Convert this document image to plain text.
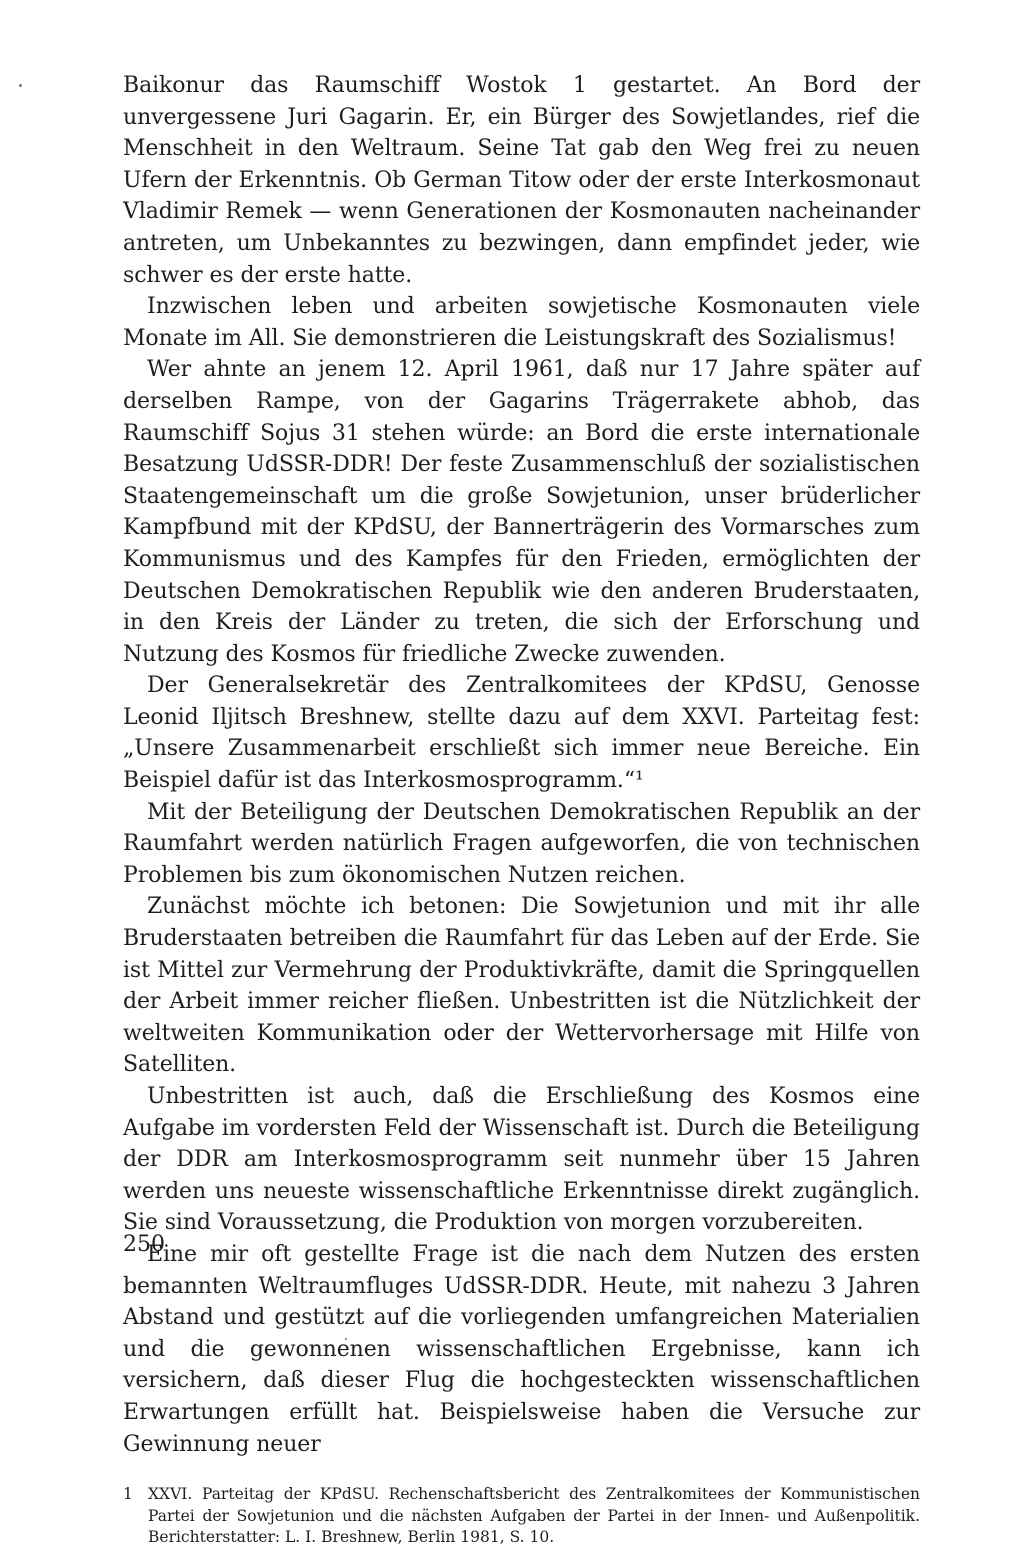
Baikonur das Raumschiff Wostok 1 gestartet. An Bord der unvergessene Juri Gagarin. Er, ein Bürger des Sowjetlandes, rief die Menschheit in den Weltraum. Seine Tat gab den Weg frei zu neuen Ufern der Erkenntnis. Ob German Titow oder der erste Interkosmonaut Vladimir Remek — wenn Generationen der Kosmonauten nacheinander antreten, um Unbekanntes zu bezwingen, dann empfindet jeder, wie schwer es der erste hatte.

Inzwischen leben und arbeiten sowjetische Kosmonauten viele Monate im All. Sie demonstrieren die Leistungskraft des Sozialismus!

Wer ahnte an jenem 12. April 1961, daß nur 17 Jahre später auf derselben Rampe, von der Gagarins Trägerrakete abhob, das Raumschiff Sojus 31 stehen würde: an Bord die erste internationale Besatzung UdSSR-DDR! Der feste Zusammenschluß der sozialistischen Staatengemeinschaft um die große Sowjetunion, unser brüderlicher Kampfbund mit der KPdSU, der Bannerträgerin des Vormarsches zum Kommunismus und des Kampfes für den Frieden, ermöglichten der Deutschen Demokratischen Republik wie den anderen Bruderstaaten, in den Kreis der Länder zu treten, die sich der Erforschung und Nutzung des Kosmos für friedliche Zwecke zuwenden.

Der Generalsekretär des Zentralkomitees der KPdSU, Genosse Leonid Iljitsch Breshnew, stellte dazu auf dem XXVI. Parteitag fest: „Unsere Zusammenarbeit erschließt sich immer neue Bereiche. Ein Beispiel dafür ist das Interkosmosprogramm.“¹

Mit der Beteiligung der Deutschen Demokratischen Republik an der Raumfahrt werden natürlich Fragen aufgeworfen, die von technischen Problemen bis zum ökonomischen Nutzen reichen.

Zunächst möchte ich betonen: Die Sowjetunion und mit ihr alle Bruderstaaten betreiben die Raumfahrt für das Leben auf der Erde. Sie ist Mittel zur Vermehrung der Produktivkräfte, damit die Springquellen der Arbeit immer reicher fließen. Unbestritten ist die Nützlichkeit der weltweiten Kommunikation oder der Wettervorhersage mit Hilfe von Satelliten.

Unbestritten ist auch, daß die Erschließung des Kosmos eine Aufgabe im vordersten Feld der Wissenschaft ist. Durch die Beteiligung der DDR am Interkosmosprogramm seit nunmehr über 15 Jahren werden uns neueste wissenschaftliche Erkenntnisse direkt zugänglich. Sie sind Voraussetzung, die Produktion von morgen vorzubereiten.

Eine mir oft gestellte Frage ist die nach dem Nutzen des ersten bemannten Weltraumfluges UdSSR-DDR. Heute, mit nahezu 3 Jahren Abstand und gestützt auf die vorliegenden umfangreichen Materialien und die gewonnenen wissenschaftlichen Ergebnisse, kann ich versichern, daß dieser Flug die hochgesteckten wissenschaftlichen Erwartungen erfüllt hat. Beispielsweise haben die Versuche zur Gewinnung neuer

1 XXVI. Parteitag der KPdSU. Rechenschaftsbericht des Zentralkomitees der Kommunistischen Partei der Sowjetunion und die nächsten Aufgaben der Partei in der Innen- und Außenpolitik. Berichterstatter: L. I. Breshnew, Berlin 1981, S. 10.
250
